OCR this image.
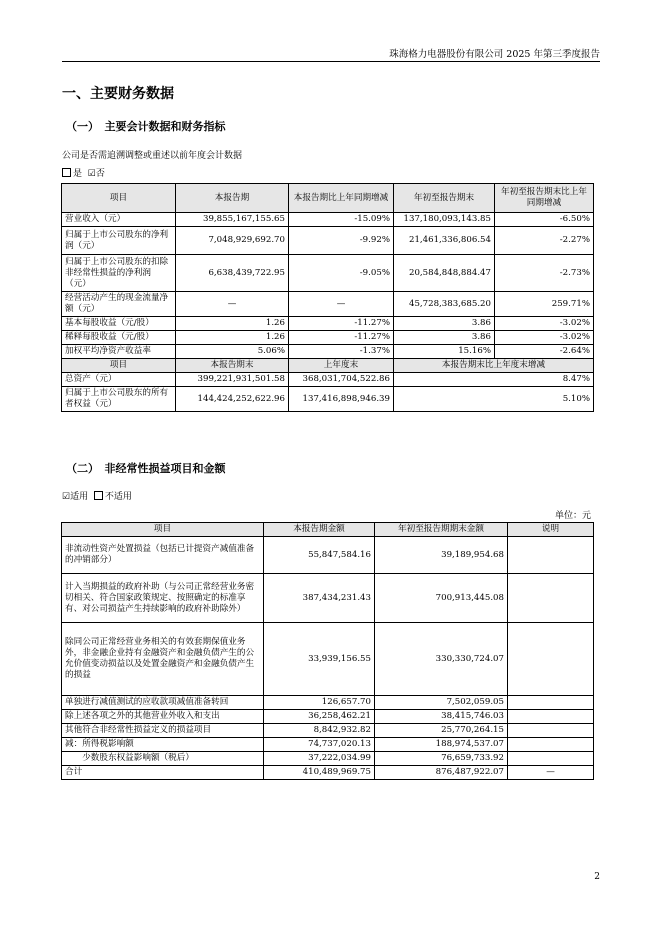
珠海格力电器股份有限公司 2025 年第三季度报告
一、主要财务数据
（一）　主要会计数据和财务指标
公司是否需追溯调整或重述以前年度会计数据
是 ☑否
项目	本报告期	本报告期比上年同期增减	年初至报告期末	年初至报告期末比上年同期增减
营业收入（元）	39,855,167,155.65	-15.09%	137,180,093,143.85	-6.50%
归属于上市公司股东的净利润（元）	7,048,929,692.70	-9.92%	21,461,336,806.54	-2.27%
归属于上市公司股东的扣除非经常性损益的净利润（元）	6,638,439,722.95	-9.05%	20,584,848,884.47	-2.73%
经营活动产生的现金流量净额（元）	—	—	45,728,383,685.20	259.71%
基本每股收益（元/股）	1.26	-11.27%	3.86	-3.02%
稀释每股收益（元/股）	1.26	-11.27%	3.86	-3.02%
加权平均净资产收益率	5.06%	-1.37%	15.16%	-2.64%
项目	本报告期末	上年度末	本报告期末比上年度末增减	
总资产（元）	399,221,931,501.58	368,031,704,522.86	8.47%	
归属于上市公司股东的所有者权益（元）	144,424,252,622.96	137,416,898,946.39	5.10%	
（二）　非经常性损益项目和金额
☑适用 不适用
单位：元
项目	本报告期金额	年初至报告期期末金额	说明
非流动性资产处置损益（包括已计提资产减值准备的冲销部分）	55,847,584.16	39,189,954.68	
计入当期损益的政府补助（与公司正常经营业务密切相关、符合国家政策规定、按照确定的标准享有、对公司损益产生持续影响的政府补助除外）	387,434,231.43	700,913,445.08	
除同公司正常经营业务相关的有效套期保值业务外，非金融企业持有金融资产和金融负债产生的公允价值变动损益以及处置金融资产和金融负债产生的损益	33,939,156.55	330,330,724.07	
单独进行减值测试的应收款项减值准备转回	126,657.70	7,502,059.05	
除上述各项之外的其他营业外收入和支出	36,258,462.21	38,415,746.03	
其他符合非经常性损益定义的损益项目	8,842,932.82	25,770,264.15	
减：所得税影响额	74,737,020.13	188,974,537.07	
　　少数股东权益影响额（税后）	37,222,034.99	76,659,733.92	
合计	410,489,969.75	876,487,922.07	—
2
